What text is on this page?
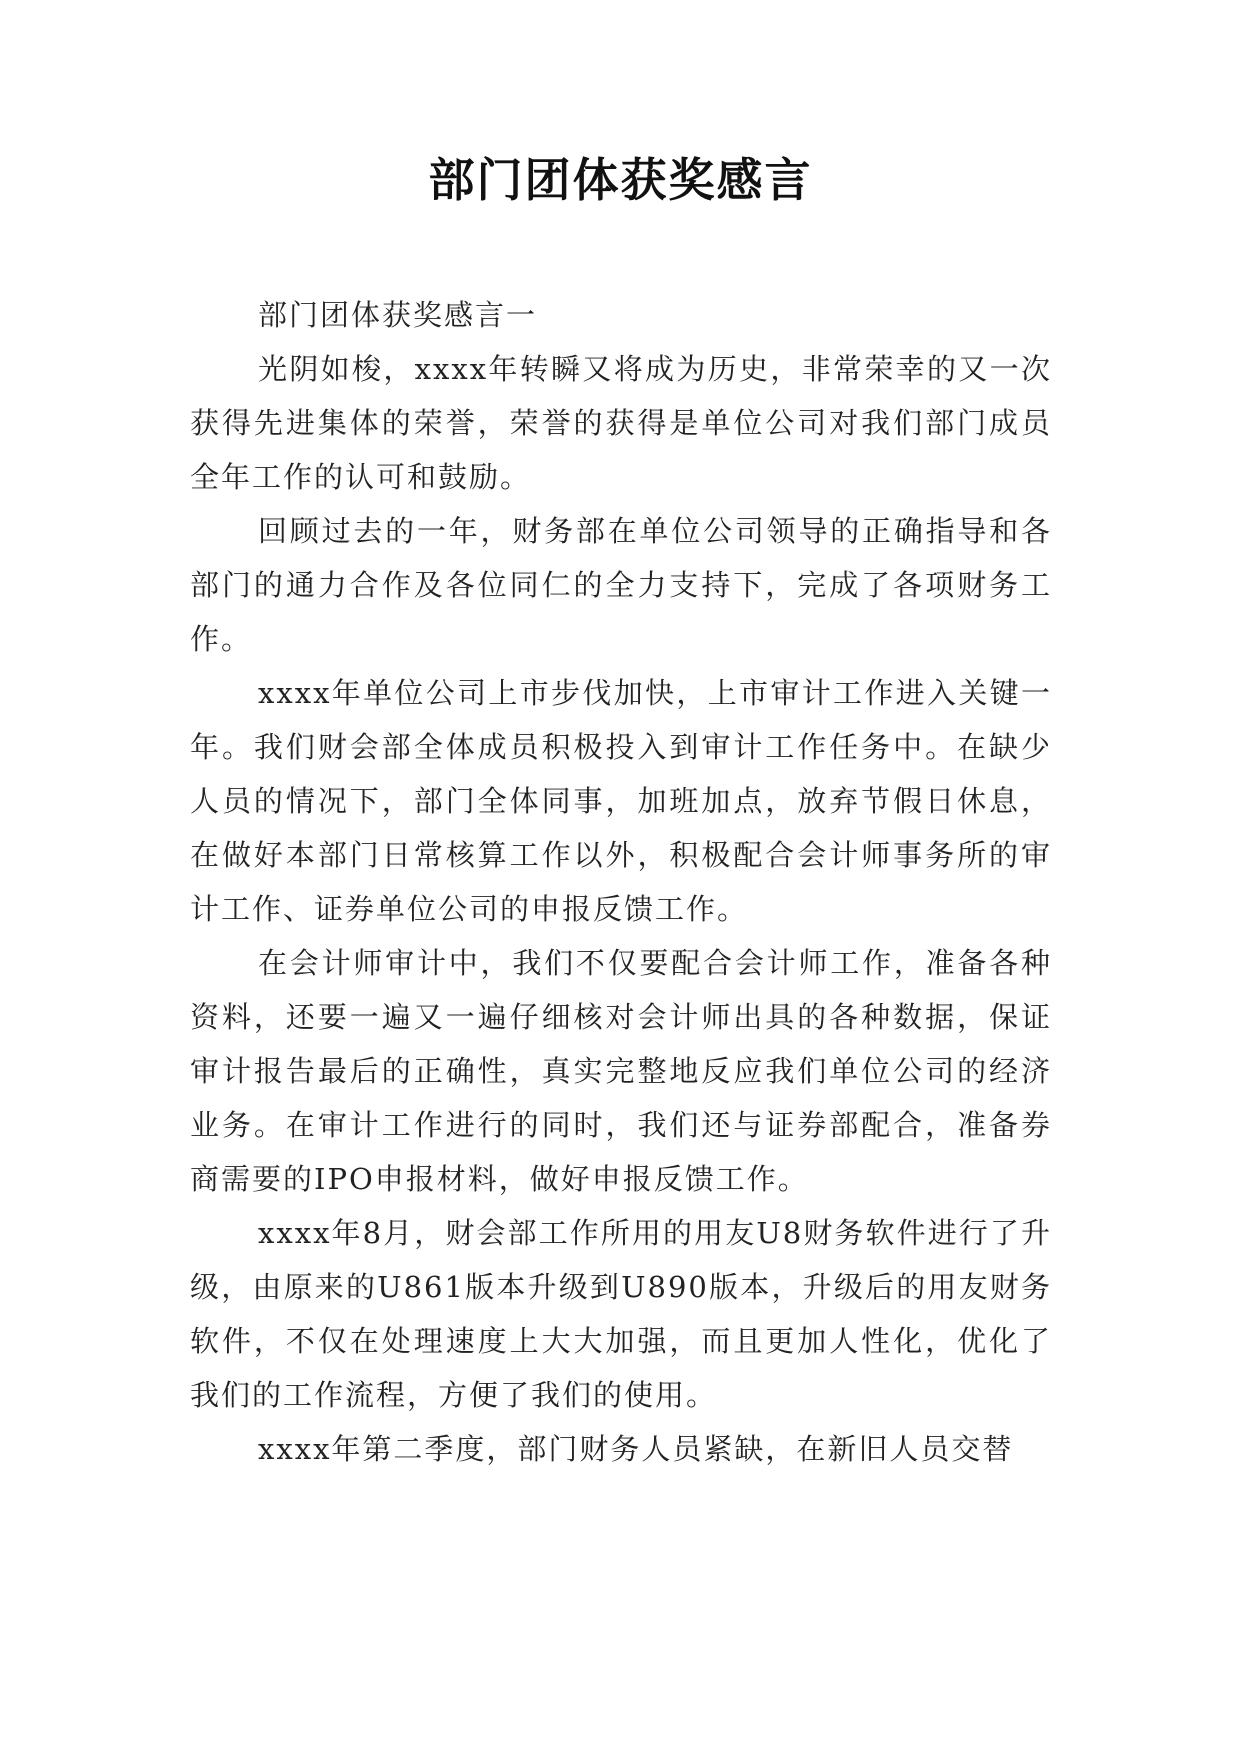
部门团体获奖感言

部门团体获奖感言一

光阴如梭，xxxx年转瞬又将成为历史，非常荣幸的又一次获得先进集体的荣誉，荣誉的获得是单位公司对我们部门成员全年工作的认可和鼓励。

回顾过去的一年，财务部在单位公司领导的正确指导和各部门的通力合作及各位同仁的全力支持下，完成了各项财务工作。

xxxx年单位公司上市步伐加快，上市审计工作进入关键一年。我们财会部全体成员积极投入到审计工作任务中。在缺少人员的情况下，部门全体同事，加班加点，放弃节假日休息，在做好本部门日常核算工作以外，积极配合会计师事务所的审计工作、证券单位公司的申报反馈工作。

在会计师审计中，我们不仅要配合会计师工作，准备各种资料，还要一遍又一遍仔细核对会计师出具的各种数据，保证审计报告最后的正确性，真实完整地反应我们单位公司的经济业务。在审计工作进行的同时，我们还与证券部配合，准备券商需要的IPO申报材料，做好申报反馈工作。

xxxx年8月，财会部工作所用的用友U8财务软件进行了升级，由原来的U861版本升级到U890版本，升级后的用友财务软件，不仅在处理速度上大大加强，而且更加人性化，优化了我们的工作流程，方便了我们的使用。

xxxx年第二季度，部门财务人员紧缺，在新旧人员交替
